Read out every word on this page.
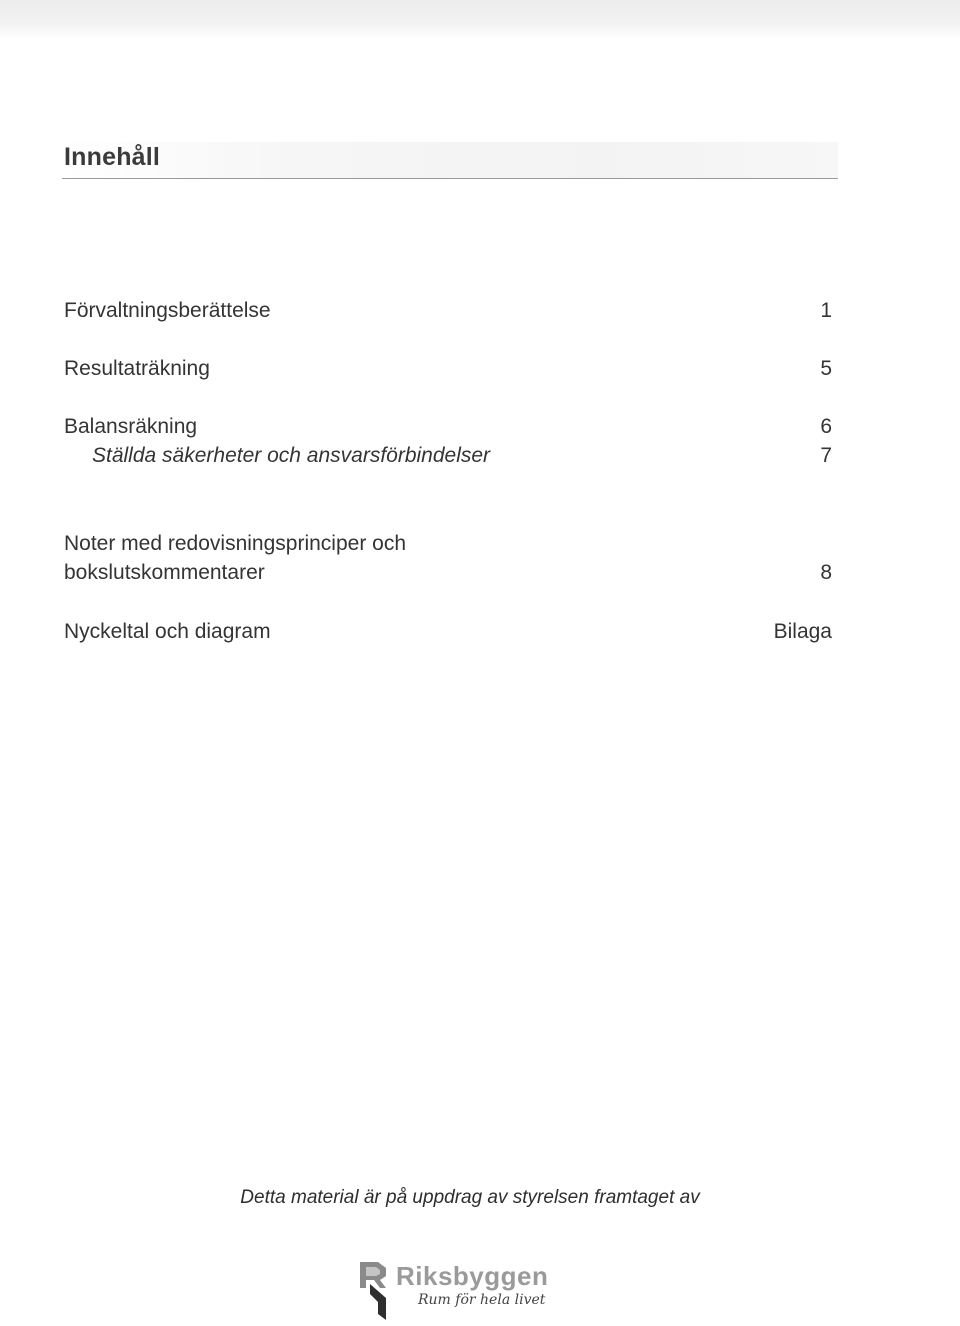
Innehåll
Förvaltningsberättelse	1
Resultaträkning	5
Balansräkning	6
Ställda säkerheter och ansvarsförbindelser	7
Noter med redovisningsprinciper och
bokslutskommentarer	8
Nyckeltal och diagram	Bilaga
Detta material är på uppdrag av styrelsen framtaget av
Riksbyggen
Rum för hela livet
